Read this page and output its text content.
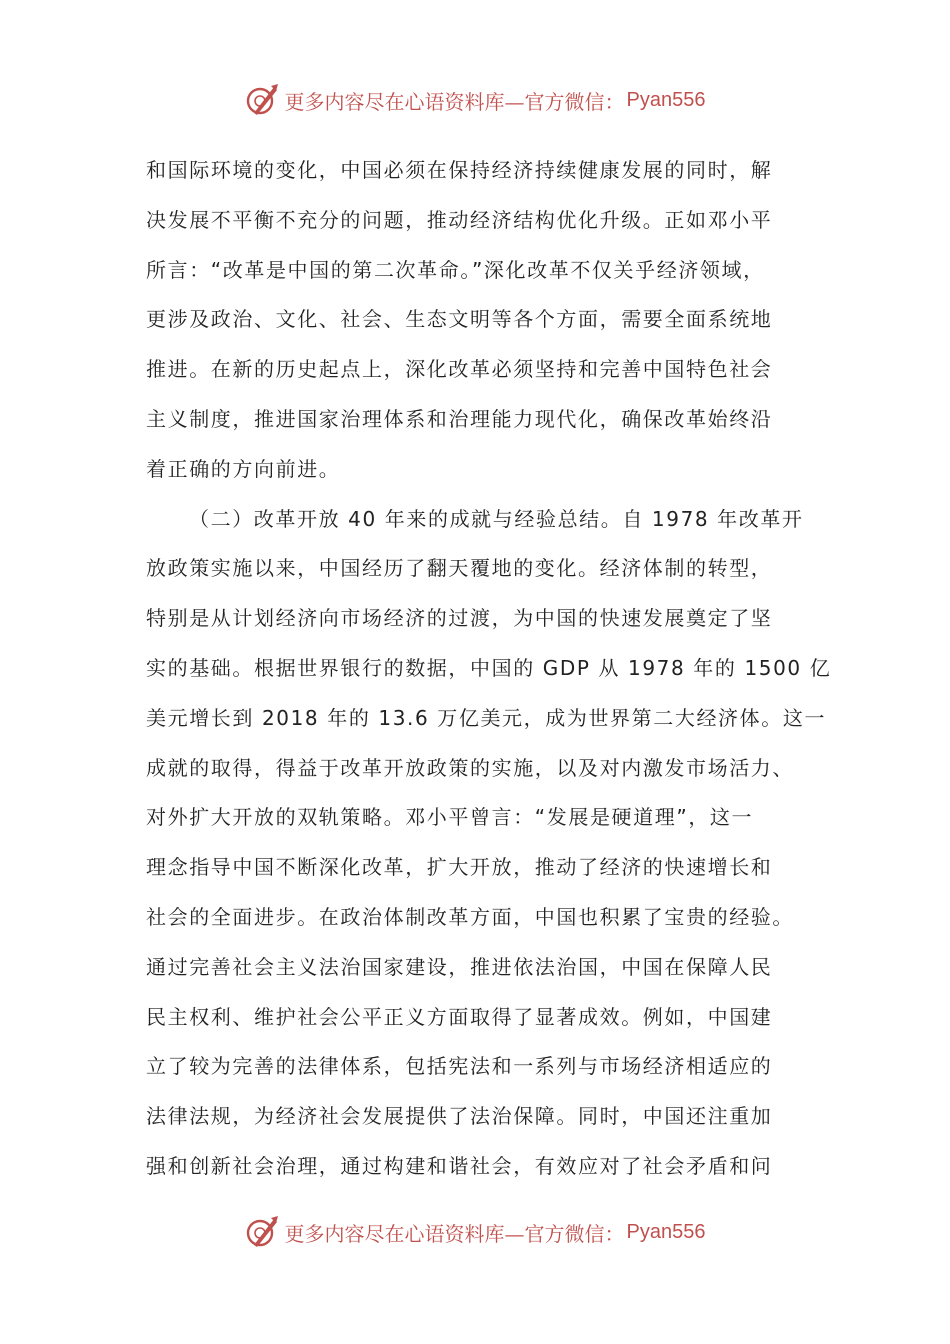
更多内容尽在心语资料库—官方微信： Pyan556
和国际环境的变化，中国必须在保持经济持续健康发展的同时，解
决发展不平衡不充分的问题，推动经济结构优化升级。正如邓小平
所言：“改革是中国的第二次革命。”深化改革不仅关乎经济领域，
更涉及政治、文化、社会、生态文明等各个方面，需要全面系统地
推进。在新的历史起点上，深化改革必须坚持和完善中国特色社会
主义制度，推进国家治理体系和治理能力现代化，确保改革始终沿
着正确的方向前进。
（二）改革开放 40 年来的成就与经验总结。自 1978 年改革开
放政策实施以来，中国经历了翻天覆地的变化。经济体制的转型，
特别是从计划经济向市场经济的过渡，为中国的快速发展奠定了坚
实的基础。根据世界银行的数据，中国的 GDP 从 1978 年的 1500 亿
美元增长到 2018 年的 13.6 万亿美元，成为世界第二大经济体。这一
成就的取得，得益于改革开放政策的实施，以及对内激发市场活力、
对外扩大开放的双轨策略。邓小平曾言：“发展是硬道理”，这一
理念指导中国不断深化改革，扩大开放，推动了经济的快速增长和
社会的全面进步。在政治体制改革方面，中国也积累了宝贵的经验。
通过完善社会主义法治国家建设，推进依法治国，中国在保障人民
民主权利、维护社会公平正义方面取得了显著成效。例如，中国建
立了较为完善的法律体系，包括宪法和一系列与市场经济相适应的
法律法规，为经济社会发展提供了法治保障。同时，中国还注重加
强和创新社会治理，通过构建和谐社会，有效应对了社会矛盾和问
更多内容尽在心语资料库—官方微信： Pyan556
